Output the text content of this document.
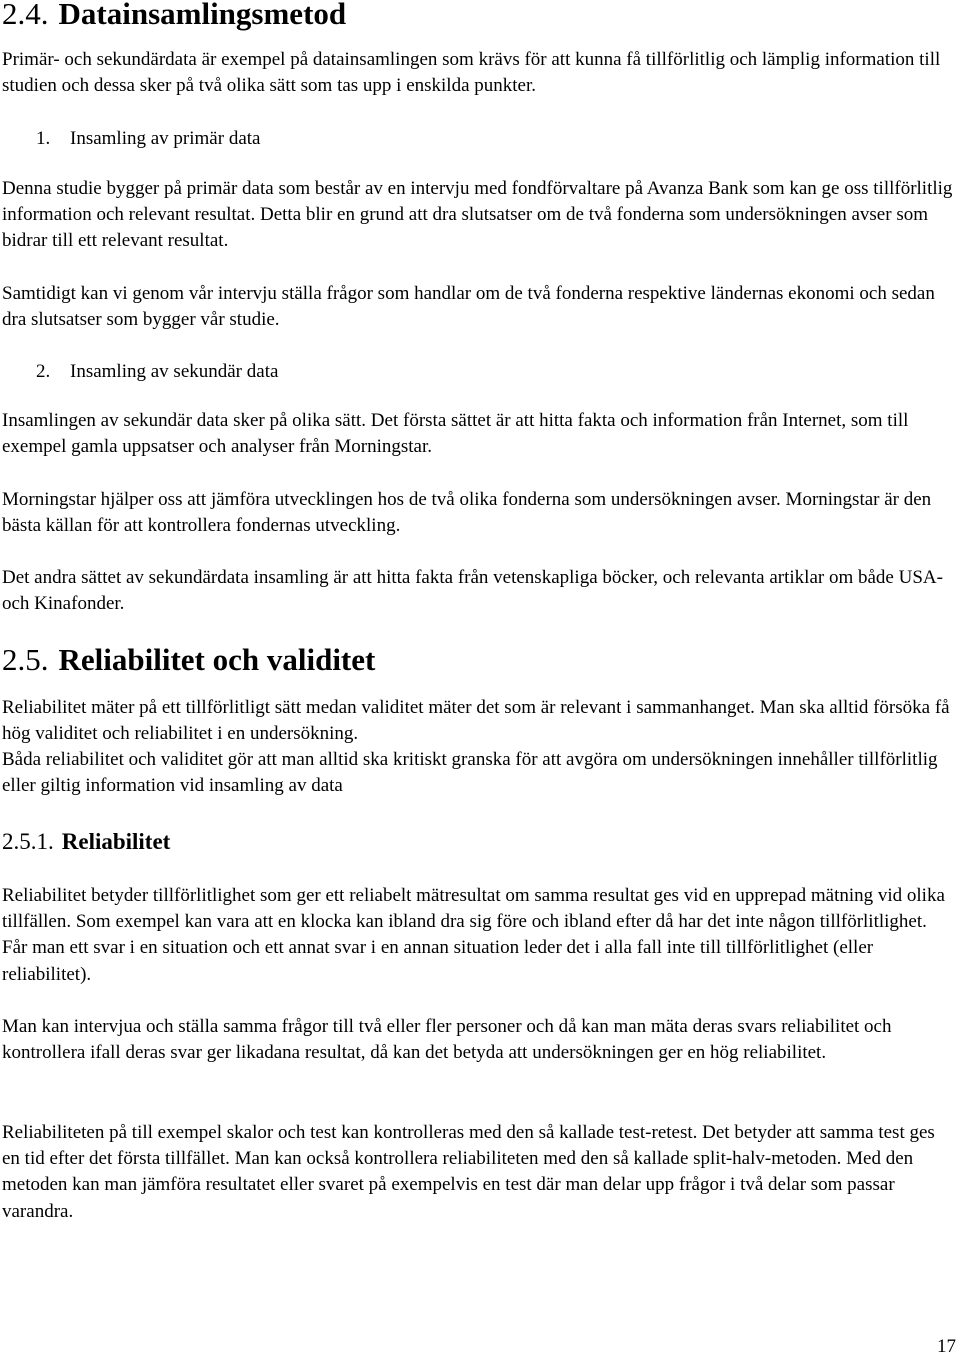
2.4. Datainsamlingsmetod

Primär- och sekundärdata är exempel på datainsamlingen som krävs för att kunna få tillförlitlig och lämplig information till studien och dessa sker på två olika sätt som tas upp i enskilda punkter.

1. Insamling av primär data

Denna studie bygger på primär data som består av en intervju med fondförvaltare på Avanza Bank som kan ge oss tillförlitlig information och relevant resultat. Detta blir en grund att dra slutsatser om de två fonderna som undersökningen avser som bidrar till ett relevant resultat.

Samtidigt kan vi genom vår intervju ställa frågor som handlar om de två fonderna respektive ländernas ekonomi och sedan dra slutsatser som bygger vår studie.

2. Insamling av sekundär data

Insamlingen av sekundär data sker på olika sätt. Det första sättet är att hitta fakta och information från Internet, som till exempel gamla uppsatser och analyser från Morningstar.

Morningstar hjälper oss att jämföra utvecklingen hos de två olika fonderna som undersökningen avser. Morningstar är den bästa källan för att kontrollera fondernas utveckling.

Det andra sättet av sekundärdata insamling är att hitta fakta från vetenskapliga böcker, och relevanta artiklar om både USA- och Kinafonder.

2.5. Reliabilitet och validitet

Reliabilitet mäter på ett tillförlitligt sätt medan validitet mäter det som är relevant i sammanhanget. Man ska alltid försöka få hög validitet och reliabilitet i en undersökning.

Båda reliabilitet och validitet gör att man alltid ska kritiskt granska för att avgöra om undersökningen innehåller tillförlitlig eller giltig information vid insamling av data

2.5.1. Reliabilitet

Reliabilitet betyder tillförlitlighet som ger ett reliabelt mätresultat om samma resultat ges vid en upprepad mätning vid olika tillfällen. Som exempel kan vara att en klocka kan ibland dra sig före och ibland efter då har det inte någon tillförlitlighet. Får man ett svar i en situation och ett annat svar i en annan situation leder det i alla fall inte till tillförlitlighet (eller reliabilitet).

Man kan intervjua och ställa samma frågor till två eller fler personer och då kan man mäta deras svars reliabilitet och kontrollera ifall deras svar ger likadana resultat, då kan det betyda att undersökningen ger en hög reliabilitet.

Reliabiliteten på till exempel skalor och test kan kontrolleras med den så kallade test-retest. Det betyder att samma test ges en tid efter det första tillfället. Man kan också kontrollera reliabiliteten med den så kallade split-halv-metoden. Med den metoden kan man jämföra resultatet eller svaret på exempelvis en test där man delar upp frågor i två delar som passar varandra.

17
